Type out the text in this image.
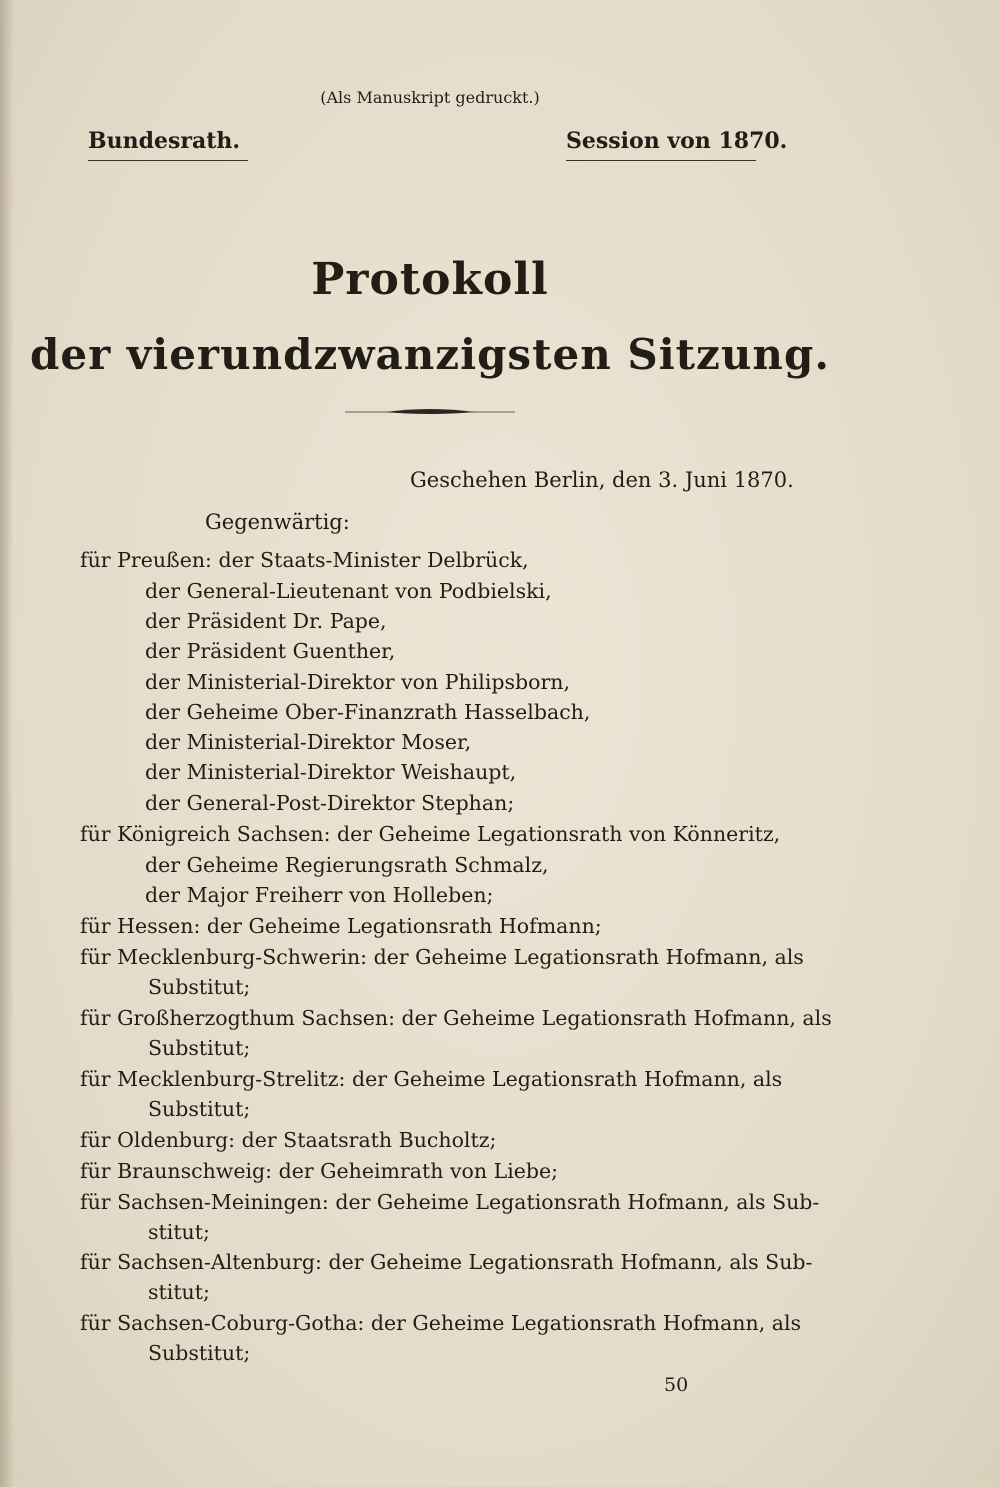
(Als Manuskript gedruckt.)
Bundesrath.	Session von 1870.
Protokoll
der vierundzwanzigsten Sitzung.
Geschehen Berlin, den 3. Juni 1870.
Gegenwärtig:
für Preußen: der Staats-Minister Delbrück,
der General-Lieutenant von Podbielski,
der Präsident Dr. Pape,
der Präsident Guenther,
der Ministerial-Direktor von Philipsborn,
der Geheime Ober-Finanzrath Hasselbach,
der Ministerial-Direktor Moser,
der Ministerial-Direktor Weishaupt,
der General-Post-Direktor Stephan;
für Königreich Sachsen: der Geheime Legationsrath von Könneritz,
der Geheime Regierungsrath Schmalz,
der Major Freiherr von Holleben;
für Hessen: der Geheime Legationsrath Hofmann;
für Mecklenburg-Schwerin: der Geheime Legationsrath Hofmann, als
Substitut;
für Großherzogthum Sachsen: der Geheime Legationsrath Hofmann, als
Substitut;
für Mecklenburg-Strelitz: der Geheime Legationsrath Hofmann, als
Substitut;
für Oldenburg: der Staatsrath Bucholtz;
für Braunschweig: der Geheimrath von Liebe;
für Sachsen-Meiningen: der Geheime Legationsrath Hofmann, als Sub-
stitut;
für Sachsen-Altenburg: der Geheime Legationsrath Hofmann, als Sub-
stitut;
für Sachsen-Coburg-Gotha: der Geheime Legationsrath Hofmann, als
Substitut;
50
